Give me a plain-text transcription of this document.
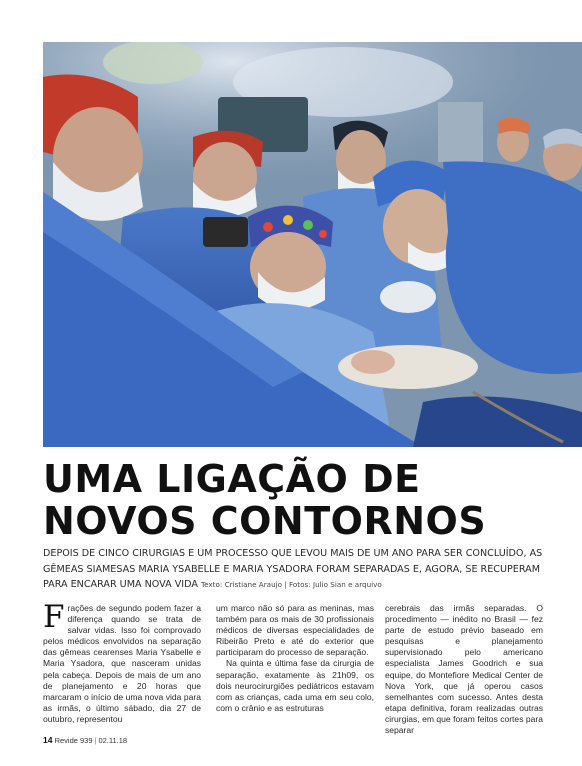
UMA LIGAÇÃO DE
NOVOS CONTORNOS

DEPOIS DE CINCO CIRURGIAS E UM PROCESSO QUE LEVOU MAIS DE UM ANO PARA SER CONCLUÍDO, AS GÊMEAS SIAMESAS MARIA YSABELLE E MARIA YSADORA FORAM SEPARADAS E, AGORA, SE RECUPERAM PARA ENCARAR UMA NOVA VIDA Texto: Cristiane Araujo | Fotos: Julio Sian e arquivo

Frações de segundo podem fazer a diferença quando se trata de salvar vidas. Isso foi comprovado pelos médicos envolvidos na separação das gêmeas cearenses Maria Ysabelle e Maria Ysadora, que nasceram unidas pela cabeça. Depois de mais de um ano de planejamento e 20 horas que marcaram o início de uma nova vida para as irmãs, o último sábado, dia 27 de outubro, representou

um marco não só para as meninas, mas também para os mais de 30 profissionais médicos de diversas especialidades de Ribeirão Preto e até do exterior que participaram do processo de separação.

Na quinta e última fase da cirurgia de separação, exatamente às 21h09, os dois neurocirurgiões pediátricos estavam com as crianças, cada uma em seu colo, com o crânio e as estruturas

cerebrais das irmãs separadas. O procedimento — inédito no Brasil — fez parte de estudo prévio baseado em pesquisas e planejamento supervisionado pelo americano especialista James Goodrich e sua equipe, do Montefiore Medical Center de Nova York, que já operou casos semelhantes com sucesso. Antes desta etapa definitiva, foram realizadas outras cirurgias, em que foram feitos cortes para separar

14 Revide 939 | 02.11.18
